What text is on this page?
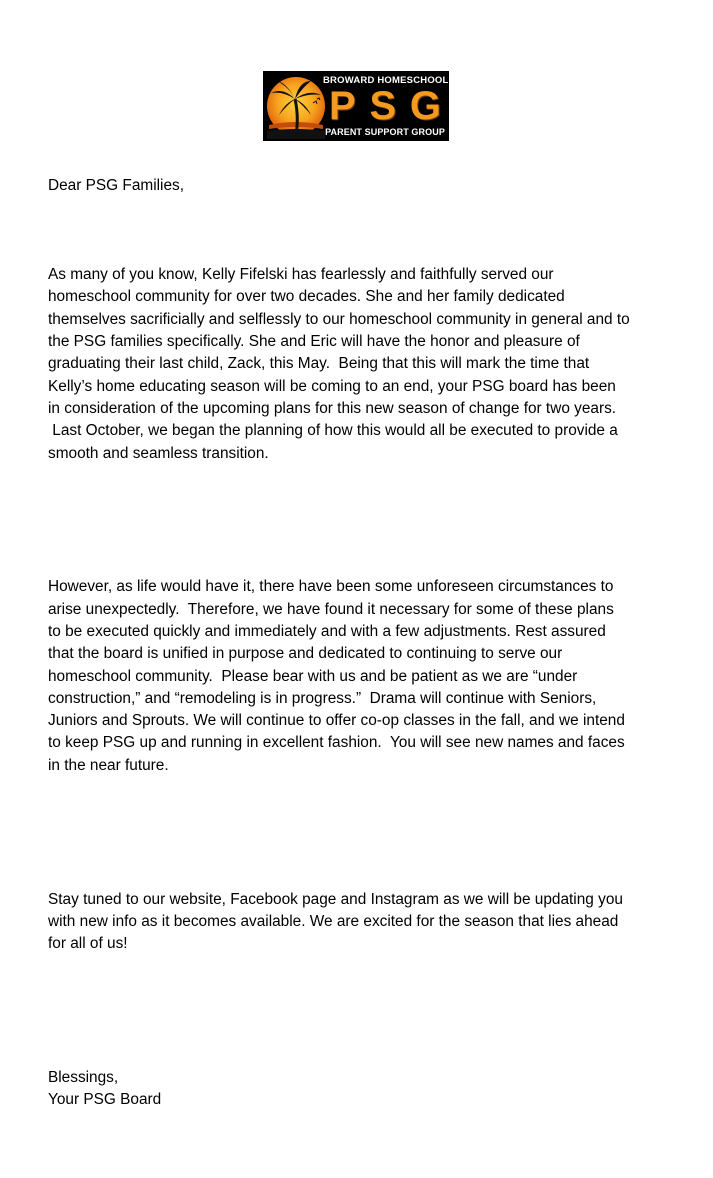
BROWARD HOMESCHOOL
P S G
PARENT SUPPORT GROUP

Dear PSG Families,

As many of you know, Kelly Fifelski has fearlessly and faithfully served our
homeschool community for over two decades. She and her family dedicated
themselves sacrificially and selflessly to our homeschool community in general and to
the PSG families specifically. She and Eric will have the honor and pleasure of
graduating their last child, Zack, this May.  Being that this will mark the time that
Kelly’s home educating season will be coming to an end, your PSG board has been
in consideration of the upcoming plans for this new season of change for two years.
Last October, we began the planning of how this would all be executed to provide a
smooth and seamless transition.

However, as life would have it, there have been some unforeseen circumstances to
arise unexpectedly.  Therefore, we have found it necessary for some of these plans
to be executed quickly and immediately and with a few adjustments. Rest assured
that the board is unified in purpose and dedicated to continuing to serve our
homeschool community.  Please bear with us and be patient as we are “under
construction,” and “remodeling is in progress.”  Drama will continue with Seniors,
Juniors and Sprouts. We will continue to offer co-op classes in the fall, and we intend
to keep PSG up and running in excellent fashion.  You will see new names and faces
in the near future.

Stay tuned to our website, Facebook page and Instagram as we will be updating you
with new info as it becomes available. We are excited for the season that lies ahead
for all of us!

Blessings,
Your PSG Board
